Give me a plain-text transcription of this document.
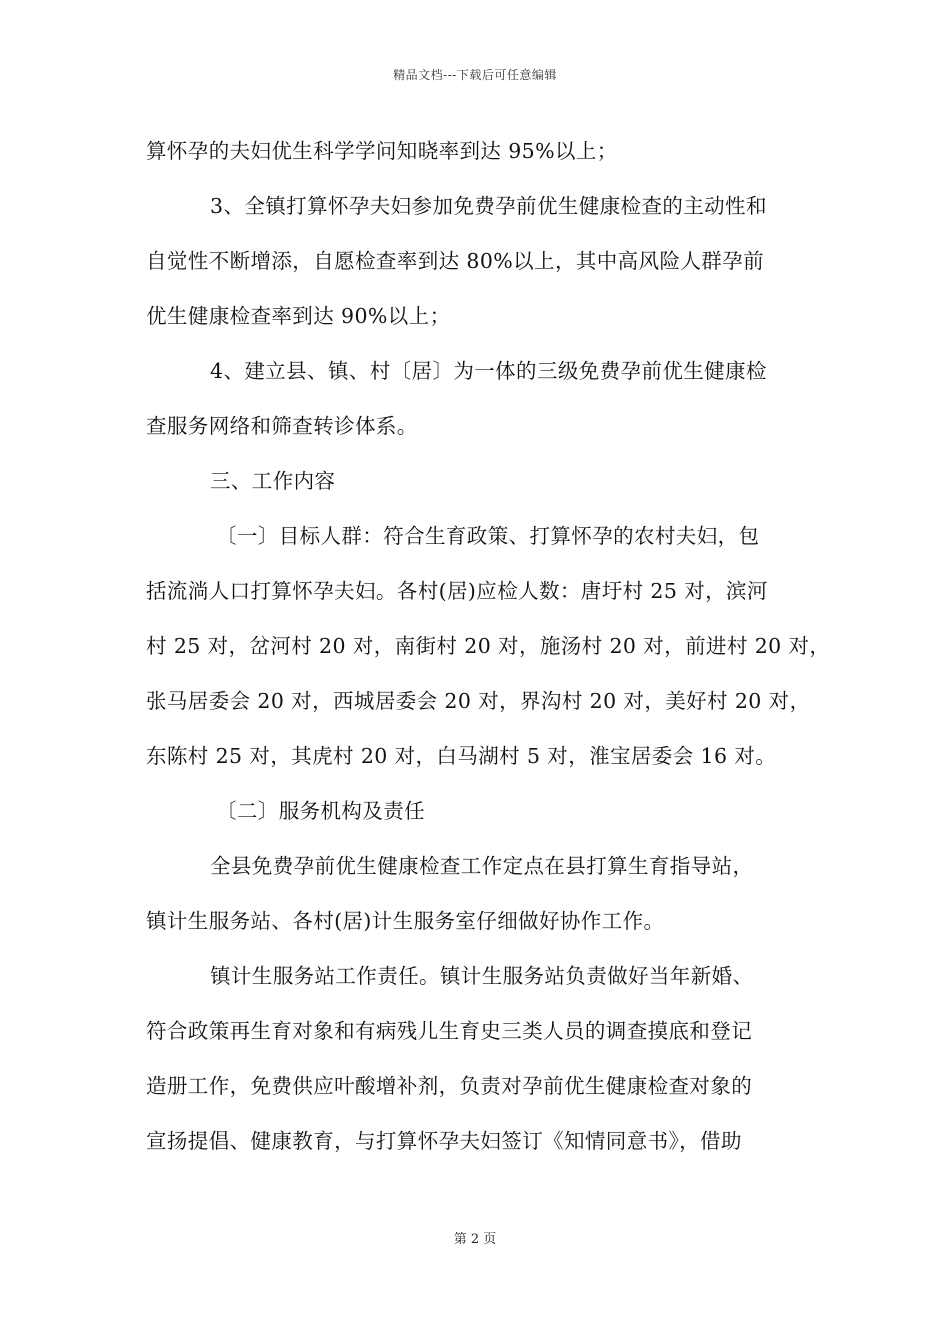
精品文档---下载后可任意编辑
算怀孕的夫妇优生科学学问知晓率到达 95%以上；
3、全镇打算怀孕夫妇参加免费孕前优生健康检查的主动性和
自觉性不断增添，自愿检查率到达 80%以上，其中高风险人群孕前
优生健康检查率到达 90%以上；
4、建立县、镇、村〔居〕为一体的三级免费孕前优生健康检
查服务网络和筛查转诊体系。
三、工作内容
〔一〕目标人群：符合生育政策、打算怀孕的农村夫妇，包
括流淌人口打算怀孕夫妇。各村(居)应检人数：唐圩村 25 对，滨河
村 25 对，岔河村 20 对，南街村 20 对，施汤村 20 对，前进村 20 对，
张马居委会 20 对，西城居委会 20 对，界沟村 20 对，美好村 20 对，
东陈村 25 对，其虎村 20 对，白马湖村 5 对，淮宝居委会 16 对。
〔二〕服务机构及责任
全县免费孕前优生健康检查工作定点在县打算生育指导站，
镇计生服务站、各村(居)计生服务室仔细做好协作工作。
镇计生服务站工作责任。镇计生服务站负责做好当年新婚、
符合政策再生育对象和有病残儿生育史三类人员的调查摸底和登记
造册工作，免费供应叶酸增补剂，负责对孕前优生健康检查对象的
宣扬提倡、健康教育，与打算怀孕夫妇签订《知情同意书》，借助
第 2 页
